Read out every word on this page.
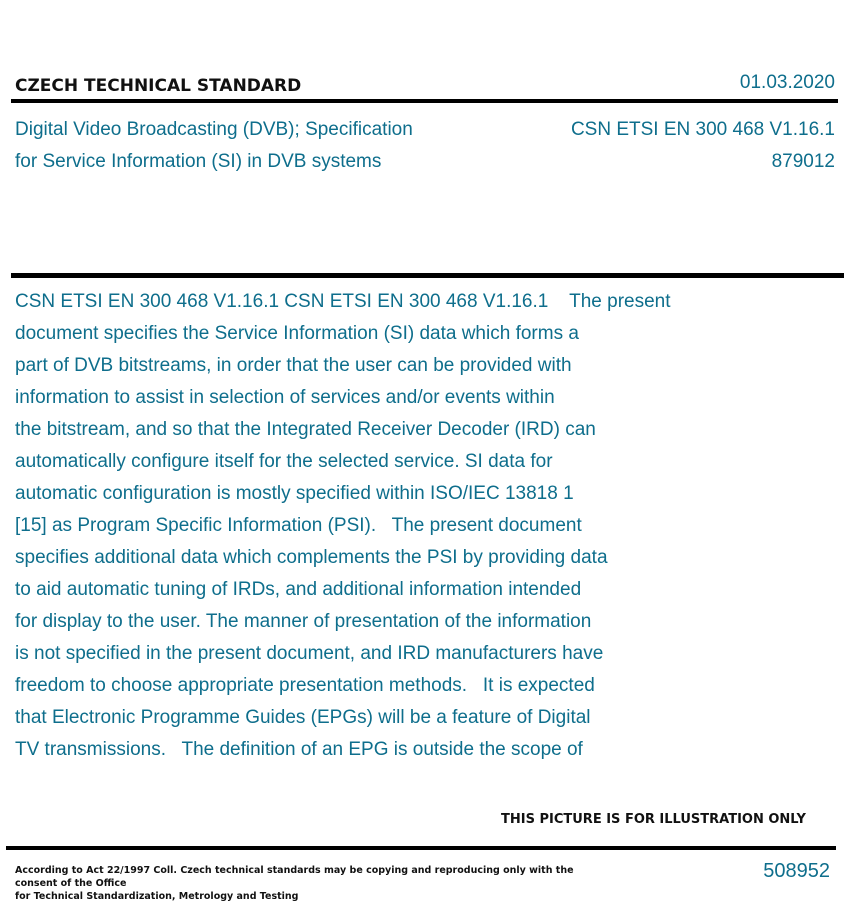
CZECH TECHNICAL STANDARD	01.03.2020
Digital Video Broadcasting (DVB); Specification
for Service Information (SI) in DVB systems
CSN ETSI EN 300 468 V1.16.1
879012
CSN ETSI EN 300 468 V1.16.1 CSN ETSI EN 300 468 V1.16.1    The present
document specifies the Service Information (SI) data which forms a
part of DVB bitstreams, in order that the user can be provided with
information to assist in selection of services and/or events within
the bitstream, and so that the Integrated Receiver Decoder (IRD) can
automatically configure itself for the selected service. SI data for
automatic configuration is mostly specified within ISO/IEC 13818 1
[15] as Program Specific Information (PSI).   The present document
specifies additional data which complements the PSI by providing data
to aid automatic tuning of IRDs, and additional information intended
for display to the user. The manner of presentation of the information
is not specified in the present document, and IRD manufacturers have
freedom to choose appropriate presentation methods.   It is expected
that Electronic Programme Guides (EPGs) will be a feature of Digital
TV transmissions.   The definition of an EPG is outside the scope of
THIS PICTURE IS FOR ILLUSTRATION ONLY
According to Act 22/1997 Coll. Czech technical standards may be copying and reproducing only with the consent of the Office
for Technical Standardization, Metrology and Testing
508952
